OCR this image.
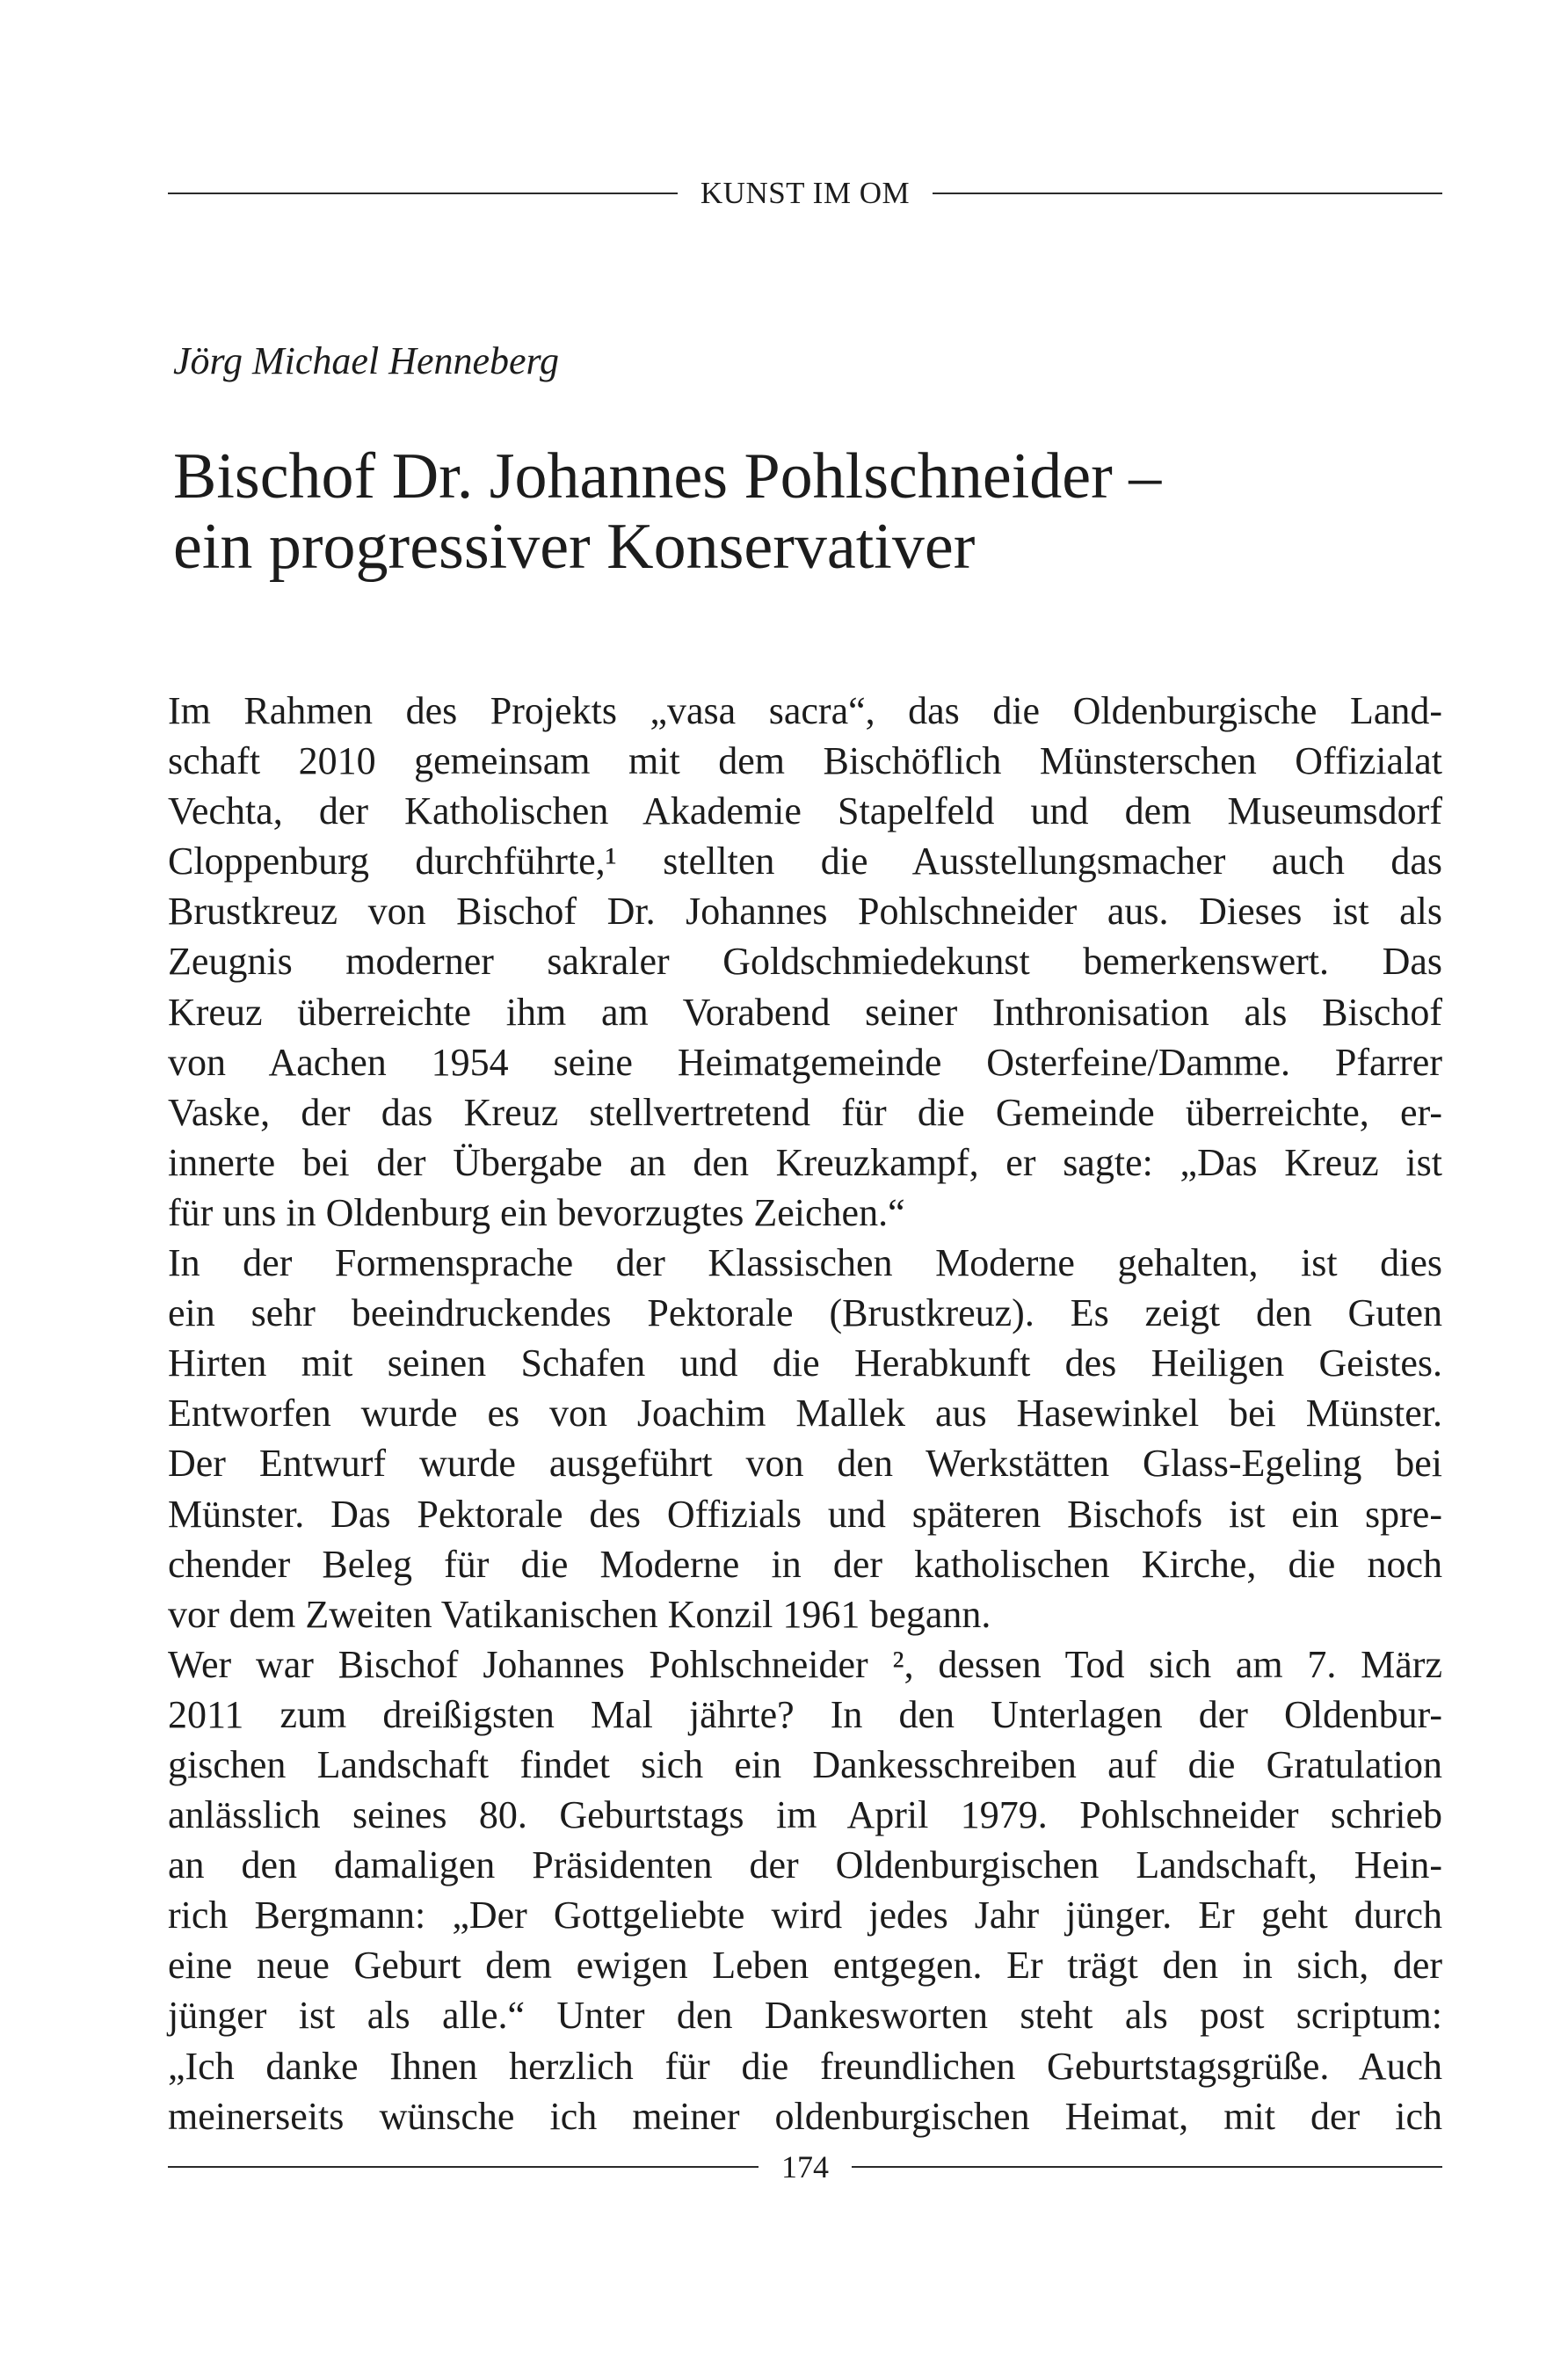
KUNST IM OM
Jörg Michael Henneberg
Bischof Dr. Johannes Pohlschneider –
ein progressiver Konservativer
Im Rahmen des Projekts „vasa sacra“, das die Oldenburgische Land-
schaft 2010 gemeinsam mit dem Bischöflich Münsterschen Offizialat
Vechta, der Katholischen Akademie Stapelfeld und dem Museumsdorf
Cloppenburg durchführte,¹ stellten die Ausstellungsmacher auch das
Brustkreuz von Bischof Dr. Johannes Pohlschneider aus. Dieses ist als
Zeugnis moderner sakraler Goldschmiedekunst bemerkenswert. Das
Kreuz überreichte ihm am Vorabend seiner Inthronisation als Bischof
von Aachen 1954 seine Heimatgemeinde Osterfeine/Damme. Pfarrer
Vaske, der das Kreuz stellvertretend für die Gemeinde überreichte, er-
innerte bei der Übergabe an den Kreuzkampf, er sagte: „Das Kreuz ist
für uns in Oldenburg ein bevorzugtes Zeichen.“
In der Formensprache der Klassischen Moderne gehalten, ist dies
ein sehr beeindruckendes Pektorale (Brustkreuz). Es zeigt den Guten
Hirten mit seinen Schafen und die Herabkunft des Heiligen Geistes.
Entworfen wurde es von Joachim Mallek aus Hasewinkel bei Münster.
Der Entwurf wurde ausgeführt von den Werkstätten Glass-Egeling bei
Münster. Das Pektorale des Offizials und späteren Bischofs ist ein spre-
chender Beleg für die Moderne in der katholischen Kirche, die noch
vor dem Zweiten Vatikanischen Konzil 1961 begann.
Wer war Bischof Johannes Pohlschneider ², dessen Tod sich am 7. März
2011 zum dreißigsten Mal jährte? In den Unterlagen der Oldenbur-
gischen Landschaft findet sich ein Dankesschreiben auf die Gratulation
anlässlich seines 80. Geburtstags im April 1979. Pohlschneider schrieb
an den damaligen Präsidenten der Oldenburgischen Landschaft, Hein-
rich Bergmann: „Der Gottgeliebte wird jedes Jahr jünger. Er geht durch
eine neue Geburt dem ewigen Leben entgegen. Er trägt den in sich, der
jünger ist als alle.“ Unter den Dankesworten steht als post scriptum:
„Ich danke Ihnen herzlich für die freundlichen Geburtstagsgrüße. Auch
meinerseits wünsche ich meiner oldenburgischen Heimat, mit der ich
174
